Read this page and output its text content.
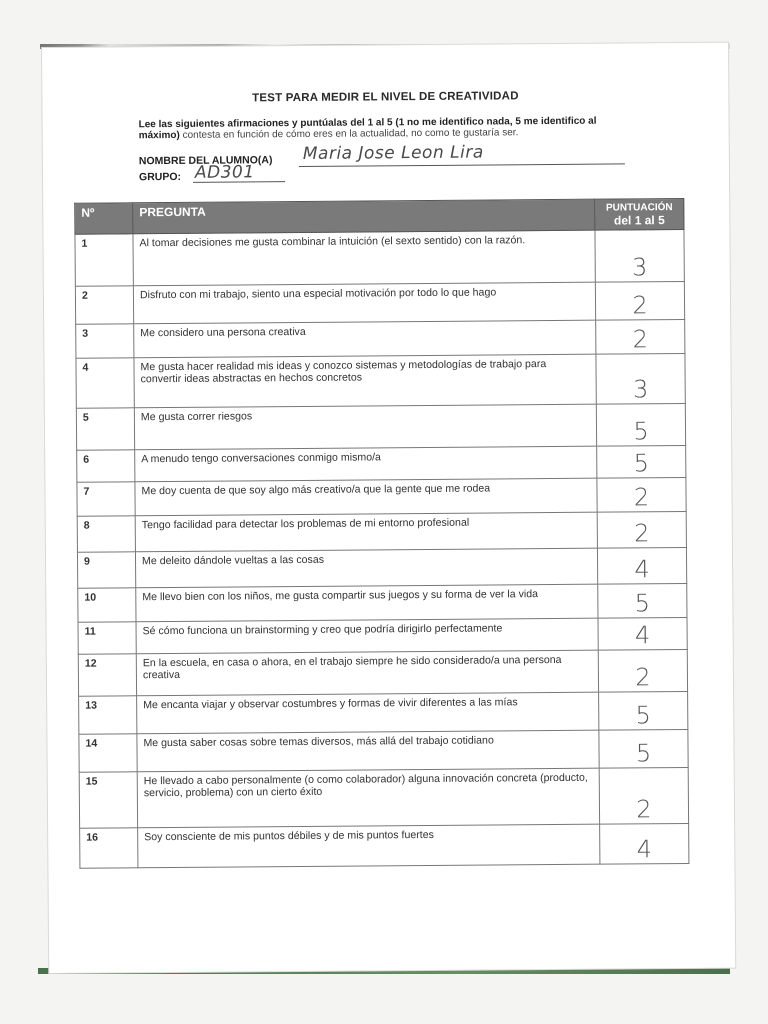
TEST PARA MEDIR EL NIVEL DE CREATIVIDAD
Lee las siguientes afirmaciones y puntúalas del 1 al 5 (1 no me identifico nada, 5 me identifico al máximo) contesta en función de cómo eres en la actualidad, no como te gustaría ser.
NOMBRE DEL ALUMNO(A) Maria Jose Leon Lira
GRUPO: AD301
Nº	PREGUNTA	PUNTUACIÓN
del 1 al 5

1	Al tomar decisiones me gusta combinar la intuición (el sexto sentido) con la razón.	3
2	Disfruto con mi trabajo, siento una especial motivación por todo lo que hago	2
3	Me considero una persona creativa	2
4	Me gusta hacer realidad mis ideas y conozco sistemas y metodologías de trabajo para convertir ideas abstractas en hechos concretos	3
5	Me gusta correr riesgos	5
6	A menudo tengo conversaciones conmigo mismo/a	5
7	Me doy cuenta de que soy algo más creativo/a que la gente que me rodea	2
8	Tengo facilidad para detectar los problemas de mi entorno profesional	2
9	Me deleito dándole vueltas a las cosas	4
10	Me llevo bien con los niños, me gusta compartir sus juegos y su forma de ver la vida	5
11	Sé cómo funciona un brainstorming y creo que podría dirigirlo perfectamente	4
12	En la escuela, en casa o ahora, en el trabajo siempre he sido considerado/a una persona creativa	2
13	Me encanta viajar y observar costumbres y formas de vivir diferentes a las mías	5
14	Me gusta saber cosas sobre temas diversos, más allá del trabajo cotidiano	5
15	He llevado a cabo personalmente (o como colaborador) alguna innovación concreta (producto, servicio, problema) con un cierto éxito	2
16	Soy consciente de mis puntos débiles y de mis puntos fuertes	4
